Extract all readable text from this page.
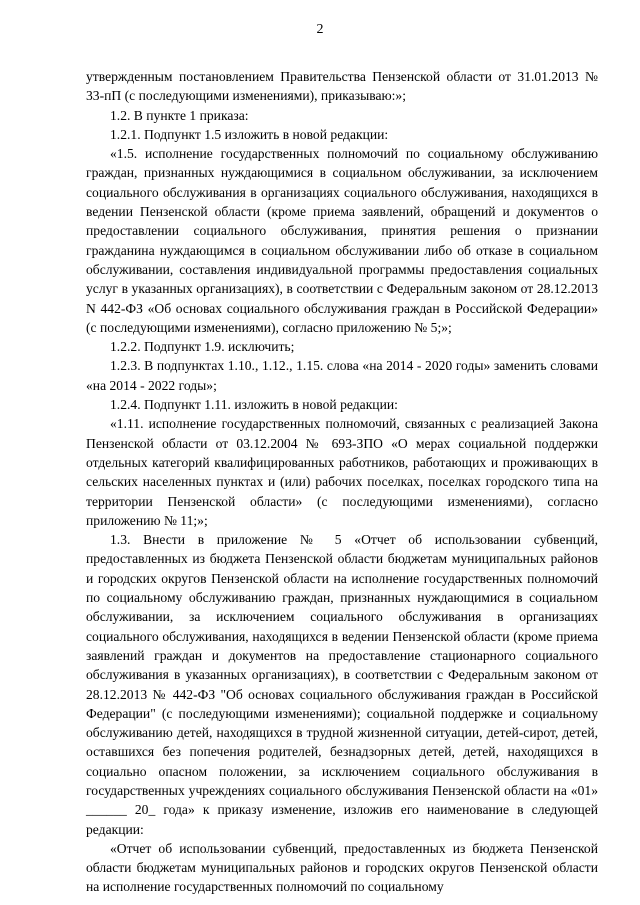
2

утвержденным постановлением Правительства Пензенской области от 31.01.2013 № 33-пП (с последующими изменениями), приказываю:»;

1.2. В пункте 1 приказа:

1.2.1. Подпункт 1.5 изложить в новой редакции:

«1.5. исполнение государственных полномочий по социальному обслуживанию граждан, признанных нуждающимися в социальном обслуживании, за исключением социального обслуживания в организациях социального обслуживания, находящихся в ведении Пензенской области (кроме приема заявлений, обращений и документов о предоставлении социального обслуживания, принятия решения о признании гражданина нуждающимся в социальном обслуживании либо об отказе в социальном обслуживании, составления индивидуальной программы предоставления социальных услуг в указанных организациях), в соответствии с Федеральным законом от 28.12.2013 N 442-ФЗ «Об основах социального обслуживания граждан в Российской Федерации» (с последующими изменениями), согласно приложению № 5;»;

1.2.2. Подпункт 1.9. исключить;

1.2.3. В подпунктах 1.10., 1.12., 1.15. слова «на 2014 - 2020 годы» заменить словами «на 2014 - 2022 годы»;

1.2.4. Подпункт 1.11. изложить в новой редакции:

«1.11. исполнение государственных полномочий, связанных с реализацией Закона Пензенской области от 03.12.2004 № 693-ЗПО «О мерах социальной поддержки отдельных категорий квалифицированных работников, работающих и проживающих в сельских населенных пунктах и (или) рабочих поселках, поселках городского типа на территории Пензенской области» (с последующими изменениями), согласно приложению № 11;»;

1.3. Внести в приложение № 5 «Отчет об использовании субвенций, предоставленных из бюджета Пензенской области бюджетам муниципальных районов и городских округов Пензенской области на исполнение государственных полномочий по социальному обслуживанию граждан, признанных нуждающимися в социальном обслуживании, за исключением социального обслуживания в организациях социального обслуживания, находящихся в ведении Пензенской области (кроме приема заявлений граждан и документов на предоставление стационарного социального обслуживания в указанных организациях), в соответствии с Федеральным законом от 28.12.2013 № 442-ФЗ "Об основах социального обслуживания граждан в Российской Федерации" (с последующими изменениями); социальной поддержке и социальному обслуживанию детей, находящихся в трудной жизненной ситуации, детей-сирот, детей, оставшихся без попечения родителей, безнадзорных детей, детей, находящихся в социально опасном положении, за исключением социального обслуживания в государственных учреждениях социального обслуживания Пензенской области на «01» ______ 20_ года» к приказу изменение, изложив его наименование в следующей редакции:

«Отчет об использовании субвенций, предоставленных из бюджета Пензенской области бюджетам муниципальных районов и городских округов Пензенской области на исполнение государственных полномочий по социальному
